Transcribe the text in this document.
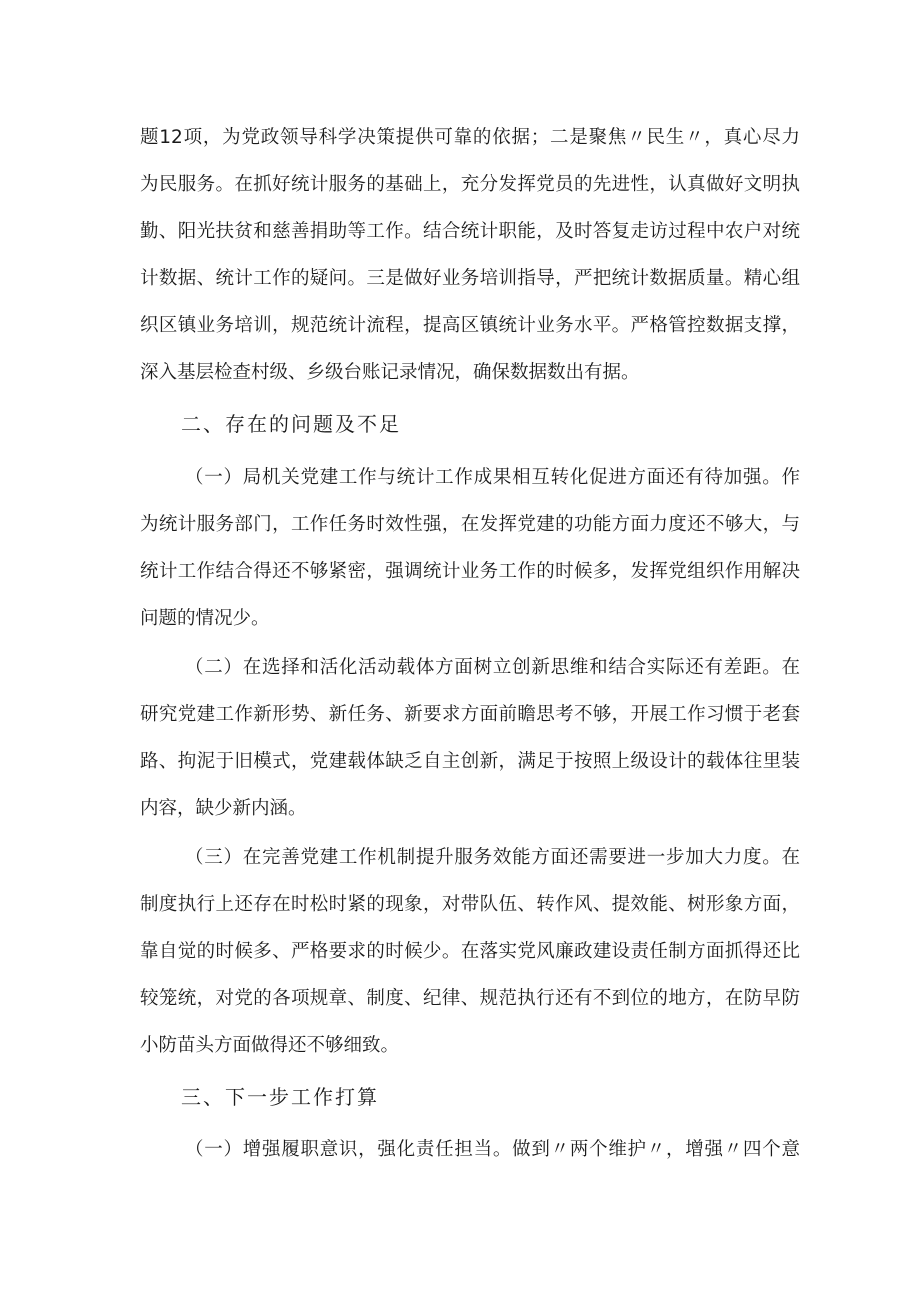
题12项，为党政领导科学决策提供可靠的依据；二是聚焦〃民生〃，真心尽力
为民服务。在抓好统计服务的基础上，充分发挥党员的先进性，认真做好文明执
勤、阳光扶贫和慈善捐助等工作。结合统计职能，及时答复走访过程中农户对统
计数据、统计工作的疑问。三是做好业务培训指导，严把统计数据质量。精心组
织区镇业务培训，规范统计流程，提高区镇统计业务水平。严格管控数据支撑，
深入基层检查村级、乡级台账记录情况，确保数据数出有据。
二、存在的问题及不足
（一）局机关党建工作与统计工作成果相互转化促进方面还有待加强。作
为统计服务部门，工作任务时效性强，在发挥党建的功能方面力度还不够大，与
统计工作结合得还不够紧密，强调统计业务工作的时候多，发挥党组织作用解决
问题的情况少。
（二）在选择和活化活动载体方面树立创新思维和结合实际还有差距。在
研究党建工作新形势、新任务、新要求方面前瞻思考不够，开展工作习惯于老套
路、拘泥于旧模式，党建载体缺乏自主创新，满足于按照上级设计的载体往里装
内容，缺少新内涵。
（三）在完善党建工作机制提升服务效能方面还需要进一步加大力度。在
制度执行上还存在时松时紧的现象，对带队伍、转作风、提效能、树形象方面，
靠自觉的时候多、严格要求的时候少。在落实党风廉政建设责任制方面抓得还比
较笼统，对党的各项规章、制度、纪律、规范执行还有不到位的地方，在防早防
小防苗头方面做得还不够细致。
三、下一步工作打算
（一）增强履职意识，强化责任担当。做到〃两个维护〃，增强〃四个意
